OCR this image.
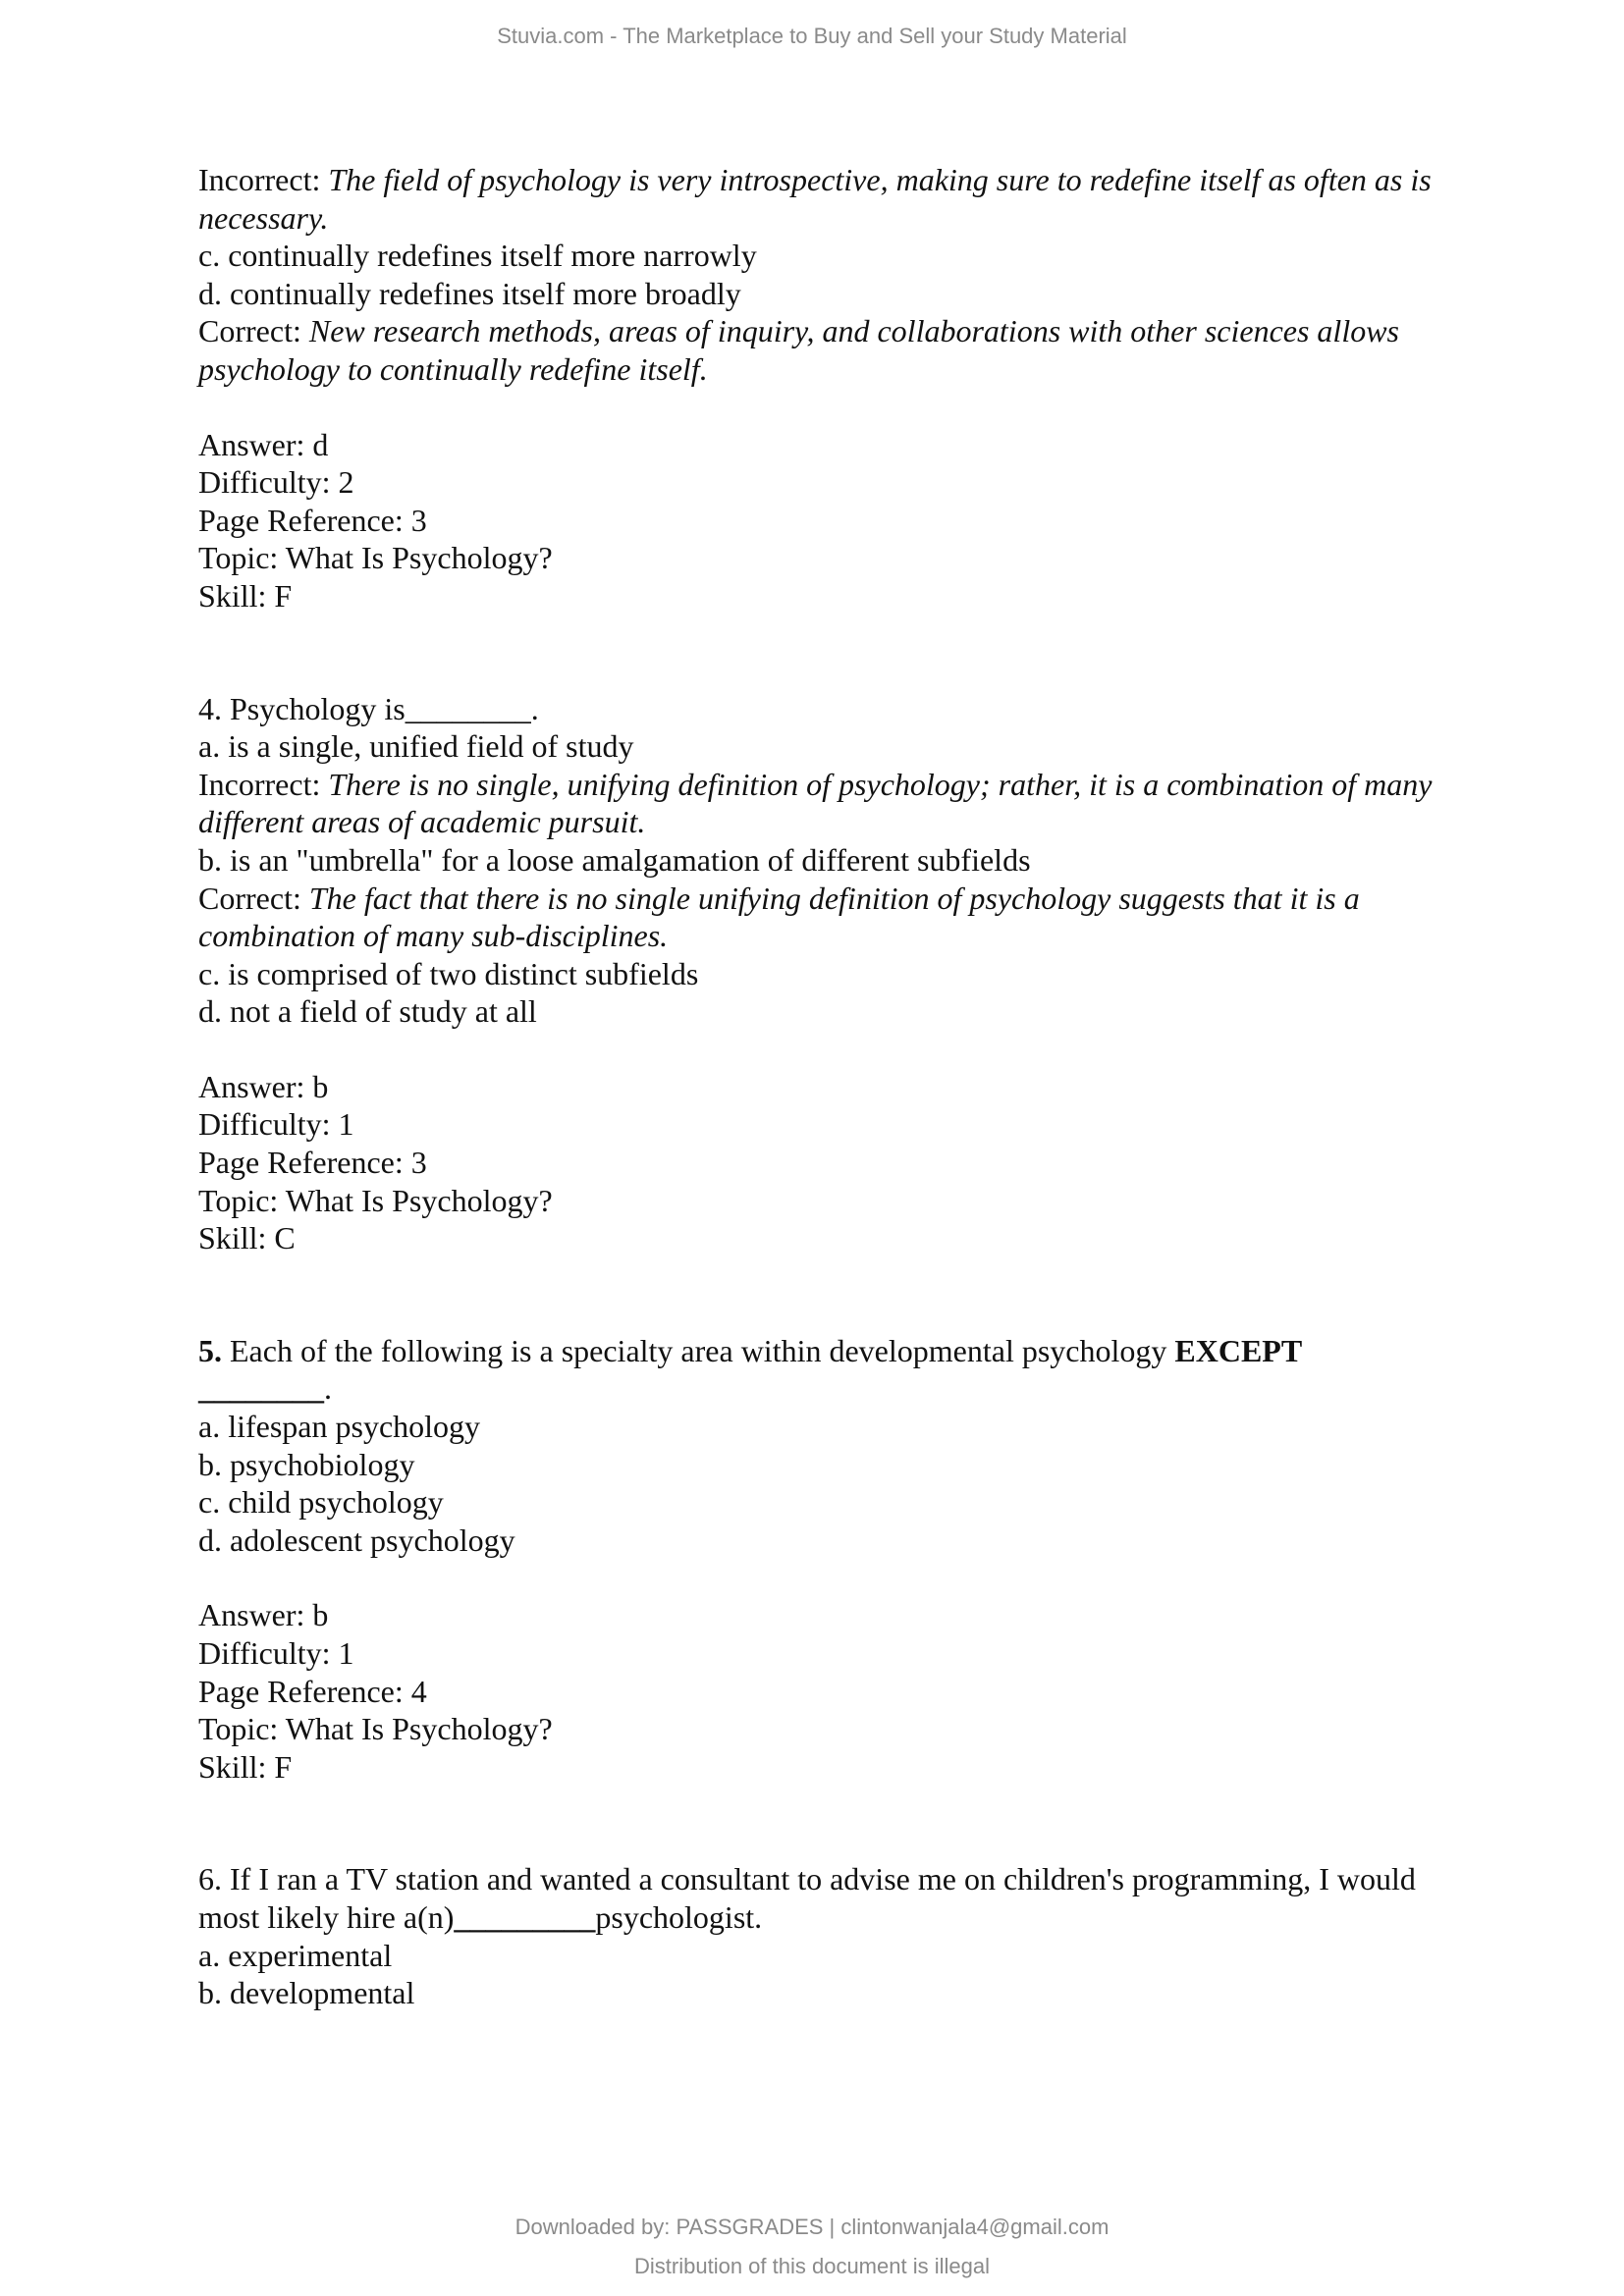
Stuvia.com - The Marketplace to Buy and Sell your Study Material

Incorrect: The field of psychology is very introspective, making sure to redefine itself as often as is necessary.

c. continually redefines itself more narrowly

d. continually redefines itself more broadly

Correct: New research methods, areas of inquiry, and collaborations with other sciences allows psychology to continually redefine itself.

Answer: d

Difficulty: 2

Page Reference: 3

Topic: What Is Psychology?

Skill: F

4. Psychology is________.

a. is a single, unified field of study

Incorrect: There is no single, unifying definition of psychology; rather, it is a combination of many different areas of academic pursuit.

b. is an "umbrella" for a loose amalgamation of different subfields

Correct: The fact that there is no single unifying definition of psychology suggests that it is a combination of many sub-disciplines.

c. is comprised of two distinct subfields

d. not a field of study at all

Answer: b

Difficulty: 1

Page Reference: 3

Topic: What Is Psychology?

Skill: C

5. Each of the following is a specialty area within developmental psychology EXCEPT

________.

a. lifespan psychology

b. psychobiology

c. child psychology

d. adolescent psychology

Answer: b

Difficulty: 1

Page Reference: 4

Topic: What Is Psychology?

Skill: F

6. If I ran a TV station and wanted a consultant to advise me on children's programming, I would most likely hire a(n)_________psychologist.

a. experimental

b. developmental

Downloaded by: PASSGRADES | clintonwanjala4@gmail.com
Distribution of this document is illegal
